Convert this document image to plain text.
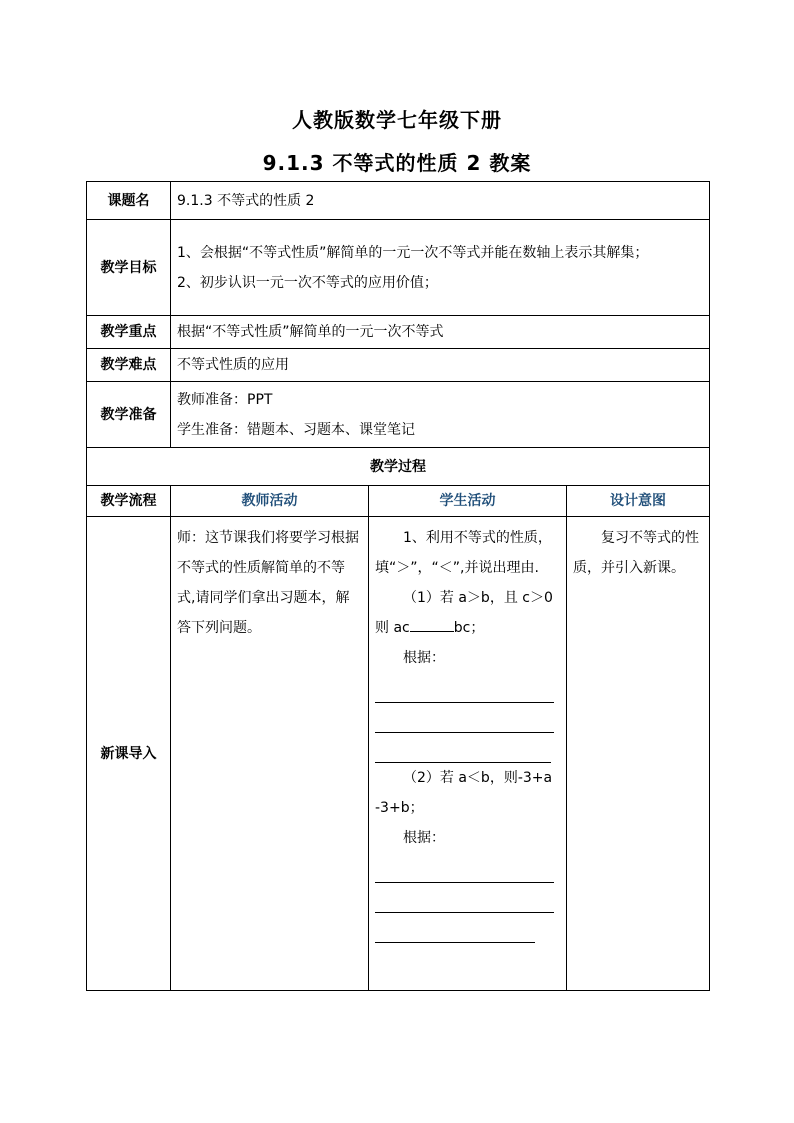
人教版数学七年级下册
9.1.3 不等式的性质 2 教案
课题名	9.1.3 不等式的性质 2		
教学目标	1、会根据“不等式性质”解简单的一元一次不等式并能在数轴上表示其解集；
2、初步认识一元一次不等式的应用价值；		

教学重点	根据“不等式性质”解简单的一元一次不等式		
教学难点	不等式性质的应用		
教学准备	教师准备：PPT
学生准备：错题本、习题本、课堂笔记		

教学过程			
教学流程	教师活动	学生活动	设计意图
新课导入	师：这节课我们将要学习根据不等式的性质解简单的不等式,请同学们拿出习题本，解答下列问题。	1、利用不等式的性质，填“＞”，“＜”,并说出理由.
（1）若 a＞b，且 c＞0 则 ac bc；
根据：
（2）若 a＜b，则-3+a -3+b；
根据：	复习不等式的性质，并引入新课。
